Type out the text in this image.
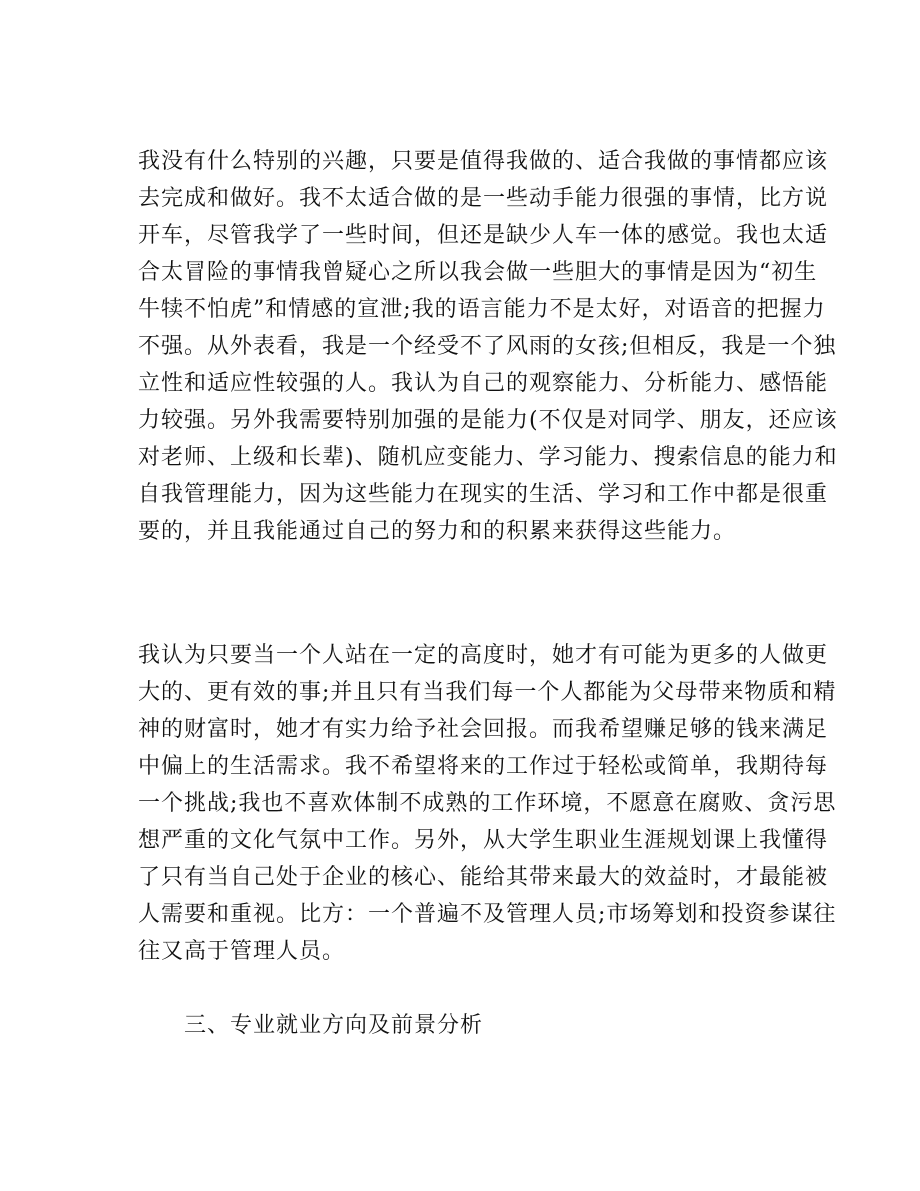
我没有什么特别的兴趣，只要是值得我做的、适合我做的事情都应该
去完成和做好。我不太适合做的是一些动手能力很强的事情，比方说
开车，尽管我学了一些时间，但还是缺少人车一体的感觉。我也太适
合太冒险的事情我曾疑心之所以我会做一些胆大的事情是因为“初生
牛犊不怕虎”和情感的宣泄;我的语言能力不是太好，对语音的把握力
不强。从外表看，我是一个经受不了风雨的女孩;但相反，我是一个独
立性和适应性较强的人。我认为自己的观察能力、分析能力、感悟能
力较强。另外我需要特别加强的是能力(不仅是对同学、朋友，还应该
对老师、上级和长辈)、随机应变能力、学习能力、搜索信息的能力和
自我管理能力，因为这些能力在现实的生活、学习和工作中都是很重
要的，并且我能通过自己的努力和的积累来获得这些能力。
我认为只要当一个人站在一定的高度时，她才有可能为更多的人做更
大的、更有效的事;并且只有当我们每一个人都能为父母带来物质和精
神的财富时，她才有实力给予社会回报。而我希望赚足够的钱来满足
中偏上的生活需求。我不希望将来的工作过于轻松或简单，我期待每
一个挑战;我也不喜欢体制不成熟的工作环境，不愿意在腐败、贪污思
想严重的文化气氛中工作。另外，从大学生职业生涯规划课上我懂得
了只有当自己处于企业的核心、能给其带来最大的效益时，才最能被
人需要和重视。比方：一个普遍不及管理人员;市场筹划和投资参谋往
往又高于管理人员。
三、专业就业方向及前景分析
